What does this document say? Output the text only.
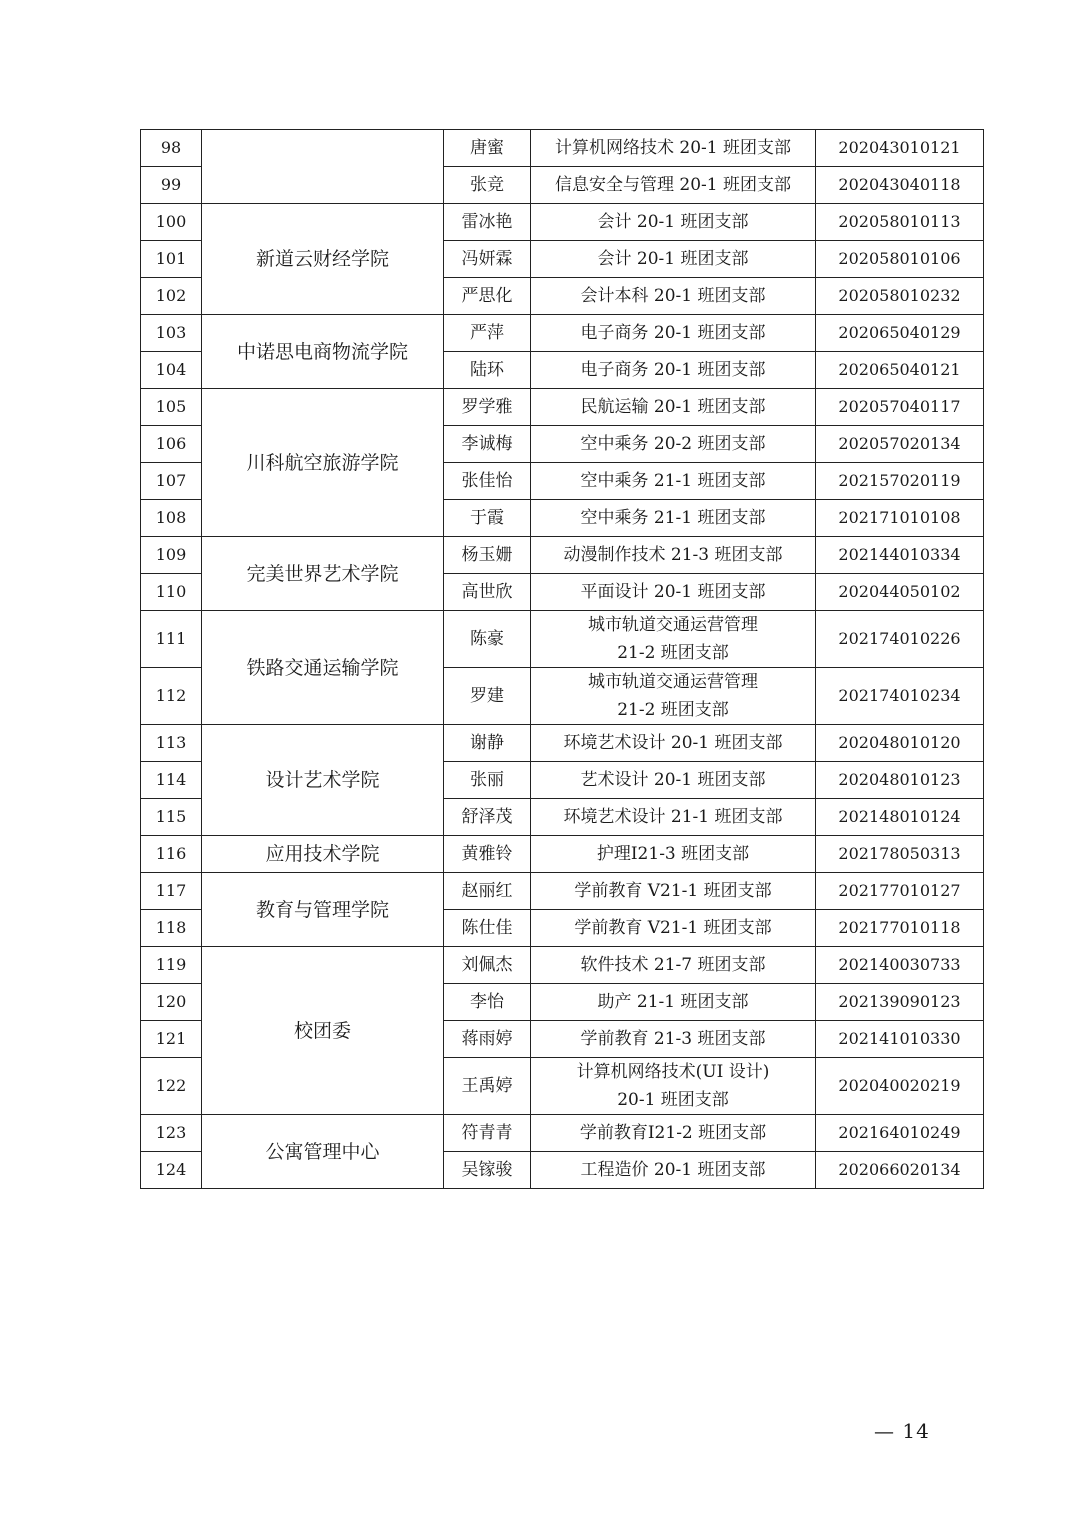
98		唐蜜	计算机网络技术 20-1 班团支部	202043010121
99		张竞	信息安全与管理 20-1 班团支部	202043040118
100	新道云财经学院	雷冰艳	会计 20-1 班团支部	202058010113
101		冯妍霖	会计 20-1 班团支部	202058010106
102		严思化	会计本科 20-1 班团支部	202058010232
103	中诺思电商物流学院	严萍	电子商务 20-1 班团支部	202065040129
104		陆环	电子商务 20-1 班团支部	202065040121
105	川科航空旅游学院	罗学雅	民航运输 20-1 班团支部	202057040117
106		李诚梅	空中乘务 20-2 班团支部	202057020134
107		张佳怡	空中乘务 21-1 班团支部	202157020119
108		于霞	空中乘务 21-1 班团支部	202171010108
109	完美世界艺术学院	杨玉姗	动漫制作技术 21-3 班团支部	202144010334
110		高世欣	平面设计 20-1 班团支部	202044050102
111	铁路交通运输学院	陈豪	城市轨道交通运营管理
21-2 班团支部	202174010226
112		罗建	城市轨道交通运营管理
21-2 班团支部	202174010234
113	设计艺术学院	谢静	环境艺术设计 20-1 班团支部	202048010120
114		张丽	艺术设计 20-1 班团支部	202048010123
115		舒泽茂	环境艺术设计 21-1 班团支部	202148010124
116	应用技术学院	黄雅铃	护理Ⅰ21-3 班团支部	202178050313
117	教育与管理学院	赵丽红	学前教育 V21-1 班团支部	202177010127
118		陈仕佳	学前教育 V21-1 班团支部	202177010118
119	校团委	刘佩杰	软件技术 21-7 班团支部	202140030733
120		李怡	助产 21-1 班团支部	202139090123
121		蒋雨婷	学前教育 21-3 班团支部	202141010330
122		王禹婷	计算机网络技术(UI 设计)
20-1 班团支部	202040020219
123	公寓管理中心	符青青	学前教育Ⅰ21-2 班团支部	202164010249
124		吴镓骏	工程造价 20-1 班团支部	202066020134
— 14
